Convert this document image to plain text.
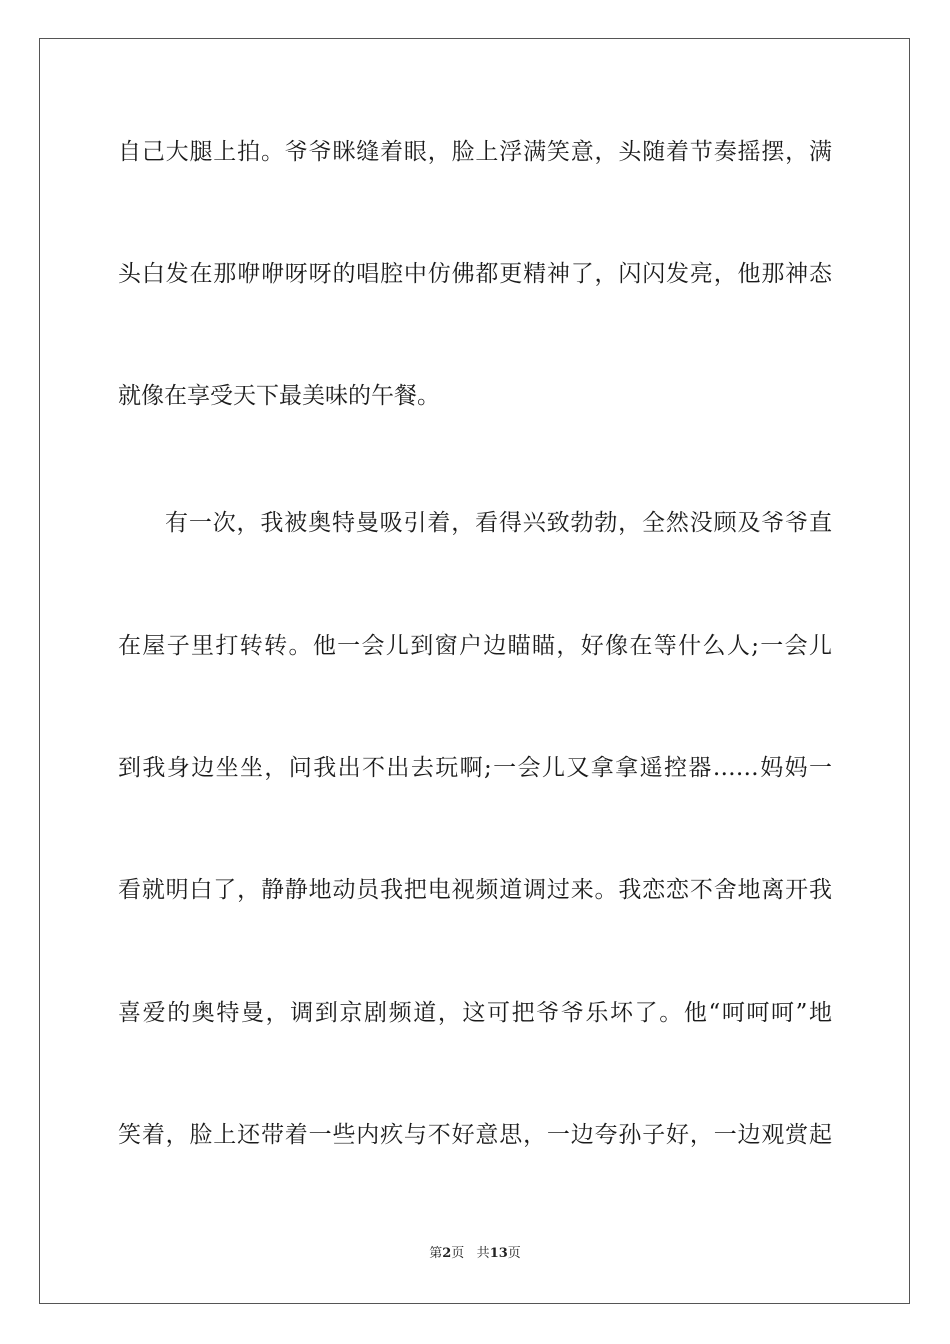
自己大腿上拍。爷爷眯缝着眼，脸上浮满笑意，头随着节奏摇摆，满
头白发在那咿咿呀呀的唱腔中仿佛都更精神了，闪闪发亮，他那神态
就像在享受天下最美味的午餐。
有一次，我被奥特曼吸引着，看得兴致勃勃，全然没顾及爷爷直
在屋子里打转转。他一会儿到窗户边瞄瞄，好像在等什么人;一会儿
到我身边坐坐，问我出不出去玩啊;一会儿又拿拿遥控器……妈妈一
看就明白了，静静地动员我把电视频道调过来。我恋恋不舍地离开我
喜爱的奥特曼，调到京剧频道，这可把爷爷乐坏了。他“呵呵呵”地
笑着，脸上还带着一些内疚与不好意思，一边夸孙子好，一边观赏起
第2页 共13页
